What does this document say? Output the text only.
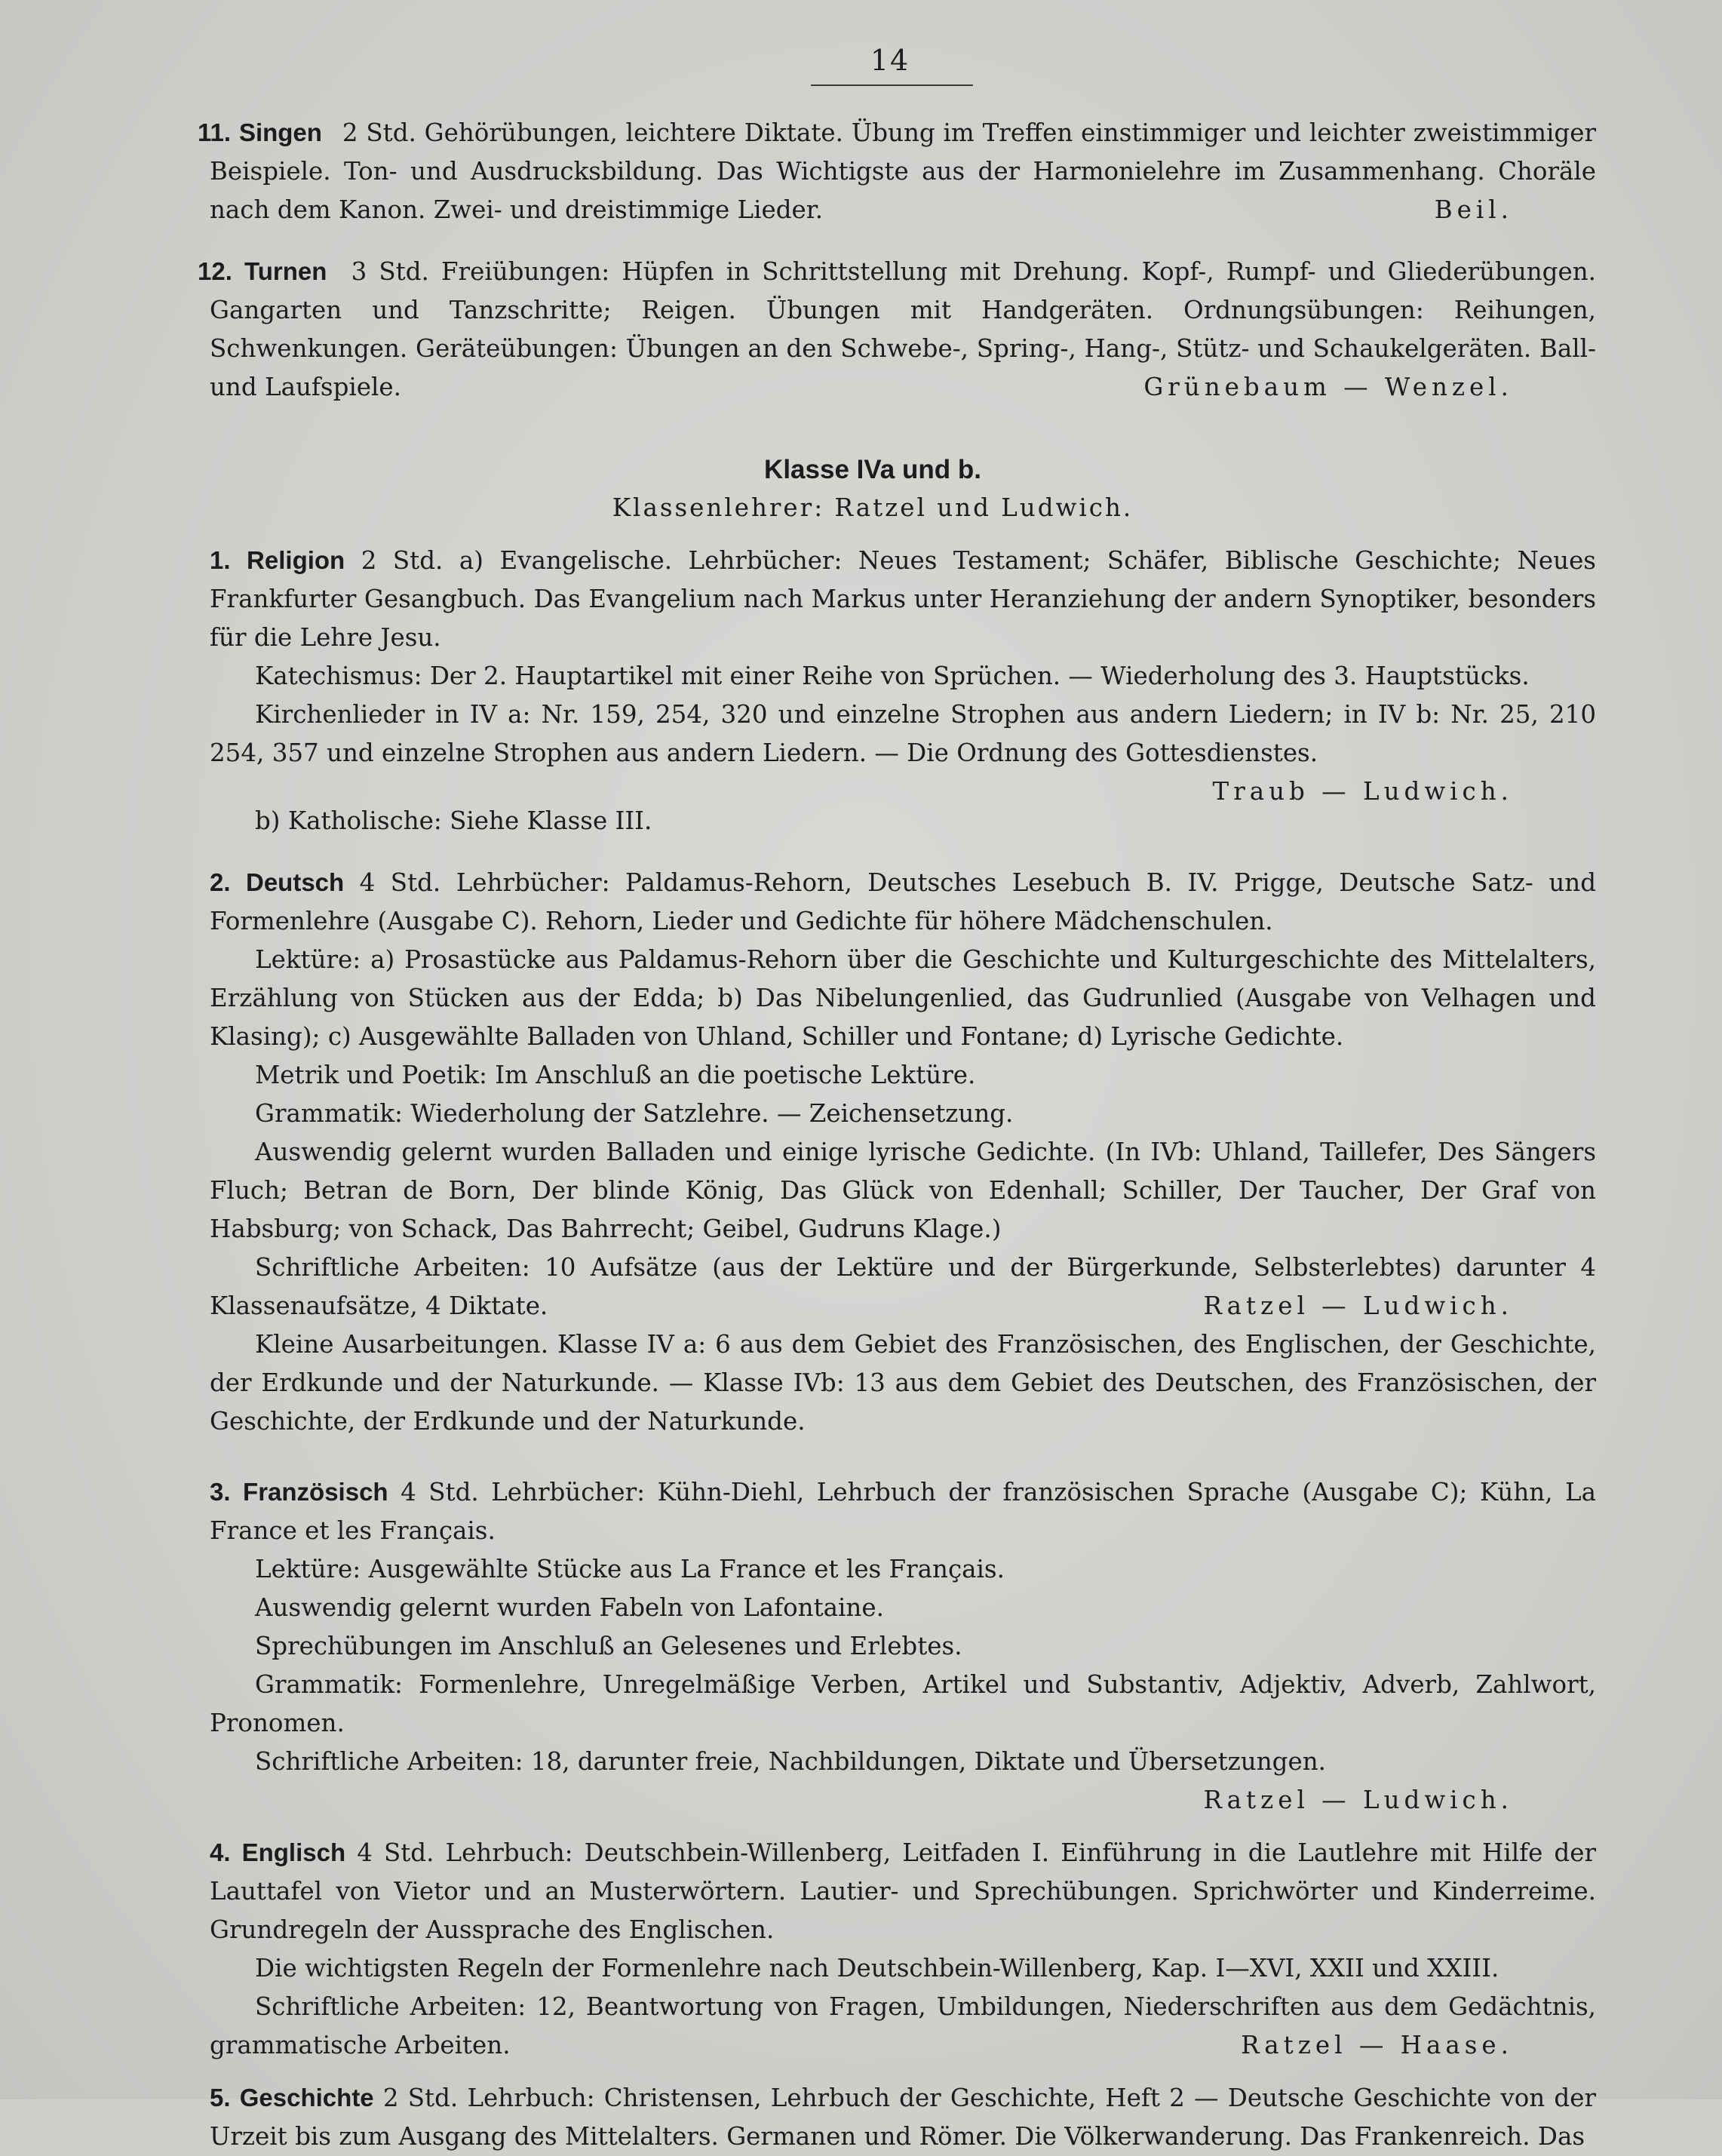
14

11. Singen 2 Std. Gehörübungen, leichtere Diktate. Übung im Treffen einstimmiger und leichter zweistimmiger Beispiele. Ton- und Ausdrucksbildung. Das Wichtigste aus der Harmonielehre im Zusammenhang. Choräle nach dem Kanon. Zwei- und dreistimmige Lieder.	Beil.

12. Turnen 3 Std. Freiübungen: Hüpfen in Schrittstellung mit Drehung. Kopf-, Rumpf- und Gliederübungen. Gangarten und Tanzschritte; Reigen. Übungen mit Handgeräten. Ordnungsübungen: Reihungen, Schwenkungen. Geräteübungen: Übungen an den Schwebe-, Spring-, Hang-, Stütz- und Schaukelgeräten. Ball- und Laufspiele.	Grünebaum — Wenzel.

Klasse IVa und b.
Klassenlehrer: Ratzel und Ludwich.

1. Religion 2 Std. a) Evangelische. Lehrbücher: Neues Testament; Schäfer, Biblische Geschichte; Neues Frankfurter Gesangbuch. Das Evangelium nach Markus unter Heranziehung der andern Synoptiker, besonders für die Lehre Jesu.

Katechismus: Der 2. Hauptartikel mit einer Reihe von Sprüchen. — Wiederholung des 3. Hauptstücks.

Kirchenlieder in IV a: Nr. 159, 254, 320 und einzelne Strophen aus andern Liedern; in IV b: Nr. 25, 210 254, 357 und einzelne Strophen aus andern Liedern. — Die Ordnung des Gottesdienstes.

Traub — Ludwich.

b) Katholische: Siehe Klasse III.

2. Deutsch 4 Std. Lehrbücher: Paldamus-Rehorn, Deutsches Lesebuch B. IV. Prigge, Deutsche Satz- und Formenlehre (Ausgabe C). Rehorn, Lieder und Gedichte für höhere Mädchenschulen.

Lektüre: a) Prosastücke aus Paldamus-Rehorn über die Geschichte und Kulturgeschichte des Mittelalters, Erzählung von Stücken aus der Edda; b) Das Nibelungenlied, das Gudrunlied (Ausgabe von Velhagen und Klasing); c) Ausgewählte Balladen von Uhland, Schiller und Fontane; d) Lyrische Gedichte.

Metrik und Poetik: Im Anschluß an die poetische Lektüre.

Grammatik: Wiederholung der Satzlehre. — Zeichensetzung.

Auswendig gelernt wurden Balladen und einige lyrische Gedichte. (In IVb: Uhland, Taillefer, Des Sängers Fluch; Betran de Born, Der blinde König, Das Glück von Edenhall; Schiller, Der Taucher, Der Graf von Habsburg; von Schack, Das Bahrrecht; Geibel, Gudruns Klage.)

Schriftliche Arbeiten: 10 Aufsätze (aus der Lektüre und der Bürgerkunde, Selbsterlebtes) darunter 4 Klassenaufsätze, 4 Diktate.	Ratzel — Ludwich.

Kleine Ausarbeitungen. Klasse IV a: 6 aus dem Gebiet des Französischen, des Englischen, der Geschichte, der Erdkunde und der Naturkunde. — Klasse IVb: 13 aus dem Gebiet des Deutschen, des Französischen, der Geschichte, der Erdkunde und der Naturkunde.

3. Französisch 4 Std. Lehrbücher: Kühn-Diehl, Lehrbuch der französischen Sprache (Ausgabe C); Kühn, La France et les Français.

Lektüre: Ausgewählte Stücke aus La France et les Français.

Auswendig gelernt wurden Fabeln von Lafontaine.

Sprechübungen im Anschluß an Gelesenes und Erlebtes.

Grammatik: Formenlehre, Unregelmäßige Verben, Artikel und Substantiv, Adjektiv, Adverb, Zahlwort, Pronomen.

Schriftliche Arbeiten: 18, darunter freie, Nachbildungen, Diktate und Übersetzungen.

Ratzel — Ludwich.

4. Englisch 4 Std. Lehrbuch: Deutschbein-Willenberg, Leitfaden I. Einführung in die Lautlehre mit Hilfe der Lauttafel von Vietor und an Musterwörtern. Lautier- und Sprechübungen. Sprichwörter und Kinderreime. Grundregeln der Aussprache des Englischen.

Die wichtigsten Regeln der Formenlehre nach Deutschbein-Willenberg, Kap. I—XVI, XXII und XXIII.

Schriftliche Arbeiten: 12, Beantwortung von Fragen, Umbildungen, Niederschriften aus dem Gedächtnis, grammatische Arbeiten.	Ratzel — Haase.

5. Geschichte 2 Std. Lehrbuch: Christensen, Lehrbuch der Geschichte, Heft 2 — Deutsche Geschichte von der Urzeit bis zum Ausgang des Mittelalters. Germanen und Römer. Die Völkerwanderung. Das Frankenreich. Das
